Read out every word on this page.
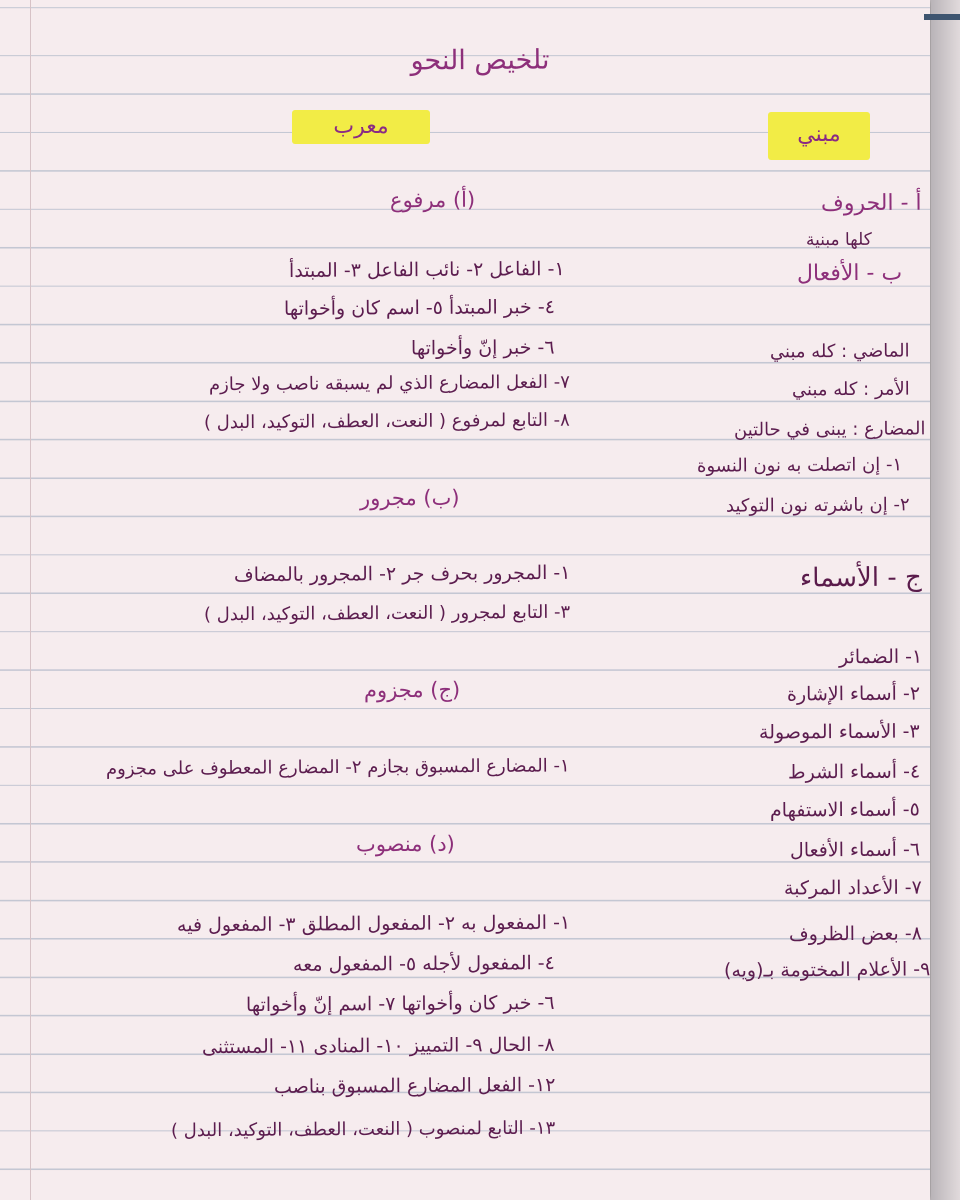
تلخيص النحو
معرب	مبني
أ - الحروف
كلها مبنية
ب - الأفعال
الماضي : كله مبني
الأمر : كله مبني
المضارع : يبنى في حالتين
١- إن اتصلت به نون النسوة
٢- إن باشرته نون التوكيد
ج - الأسماء
١- الضمائر
٢- أسماء الإشارة
٣- الأسماء الموصولة
٤- أسماء الشرط
٥- أسماء الاستفهام
٦- أسماء الأفعال
٧- الأعداد المركبة
٨- بعض الظروف
٩- الأعلام المختومة بـ(ويه)
(أ) مرفوع
١- الفاعل ٢- نائب الفاعل ٣- المبتدأ
٤- خبر المبتدأ ٥- اسم كان وأخواتها
٦- خبر إنّ وأخواتها
٧- الفعل المضارع الذي لم يسبقه ناصب ولا جازم
٨- التابع لمرفوع ( النعت، العطف، التوكيد، البدل )
(ب) مجرور
١- المجرور بحرف جر ٢- المجرور بالمضاف
٣- التابع لمجرور ( النعت، العطف، التوكيد، البدل )
(ج) مجزوم
١- المضارع المسبوق بجازم ٢- المضارع المعطوف على مجزوم
(د) منصوب
١- المفعول به ٢- المفعول المطلق ٣- المفعول فيه
٤- المفعول لأجله ٥- المفعول معه
٦- خبر كان وأخواتها ٧- اسم إنّ وأخواتها
٨- الحال ٩- التمييز ١٠- المنادى ١١- المستثنى
١٢- الفعل المضارع المسبوق بناصب
١٣- التابع لمنصوب ( النعت، العطف، التوكيد، البدل )
